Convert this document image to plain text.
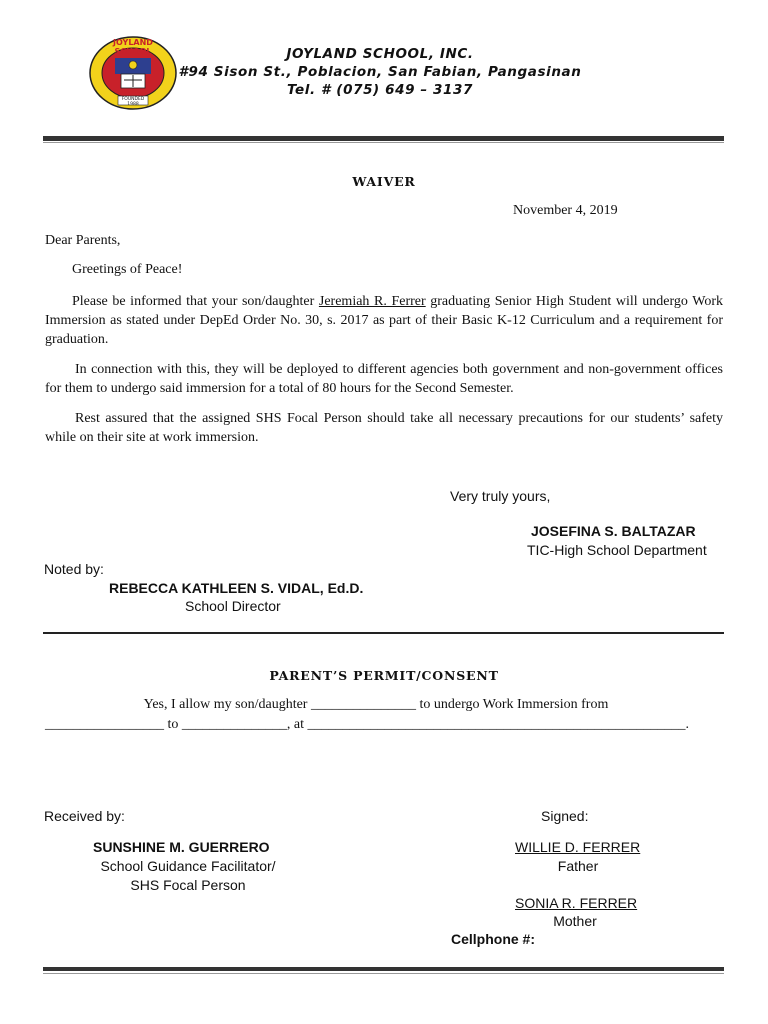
JOYLAND SCHOOL
FOUNDED 1988
JOYLAND SCHOOL, INC.
#94 Sison St., Poblacion, San Fabian, Pangasinan
Tel. # (075) 649 – 3137
WAIVER
November 4, 2019
Dear Parents,
Greetings of Peace!
Please be informed that your son/daughter Jeremiah R. Ferrer graduating Senior High Student will undergo Work Immersion as stated under DepEd Order No. 30, s. 2017 as part of their Basic K-12 Curriculum and a requirement for graduation.
In connection with this, they will be deployed to different agencies both government and non-government offices for them to undergo said immersion for a total of 80 hours for the Second Semester.
Rest assured that the assigned SHS Focal Person should take all necessary precautions for our students’ safety while on their site at work immersion.
Very truly yours,
JOSEFINA S. BALTAZAR
TIC-High School Department
Noted by:
REBECCA KATHLEEN S. VIDAL, Ed.D.
School Director
PARENT’S PERMIT/CONSENT
Yes, I allow my son/daughter _______________ to undergo Work Immersion from
_________________ to _______________, at ______________________________________________________.
Received by:
SUNSHINE M. GUERRERO
School Guidance Facilitator/
SHS Focal Person
Signed:
WILLIE D. FERRER
Father
SONIA R. FERRER
Mother
Cellphone #:
